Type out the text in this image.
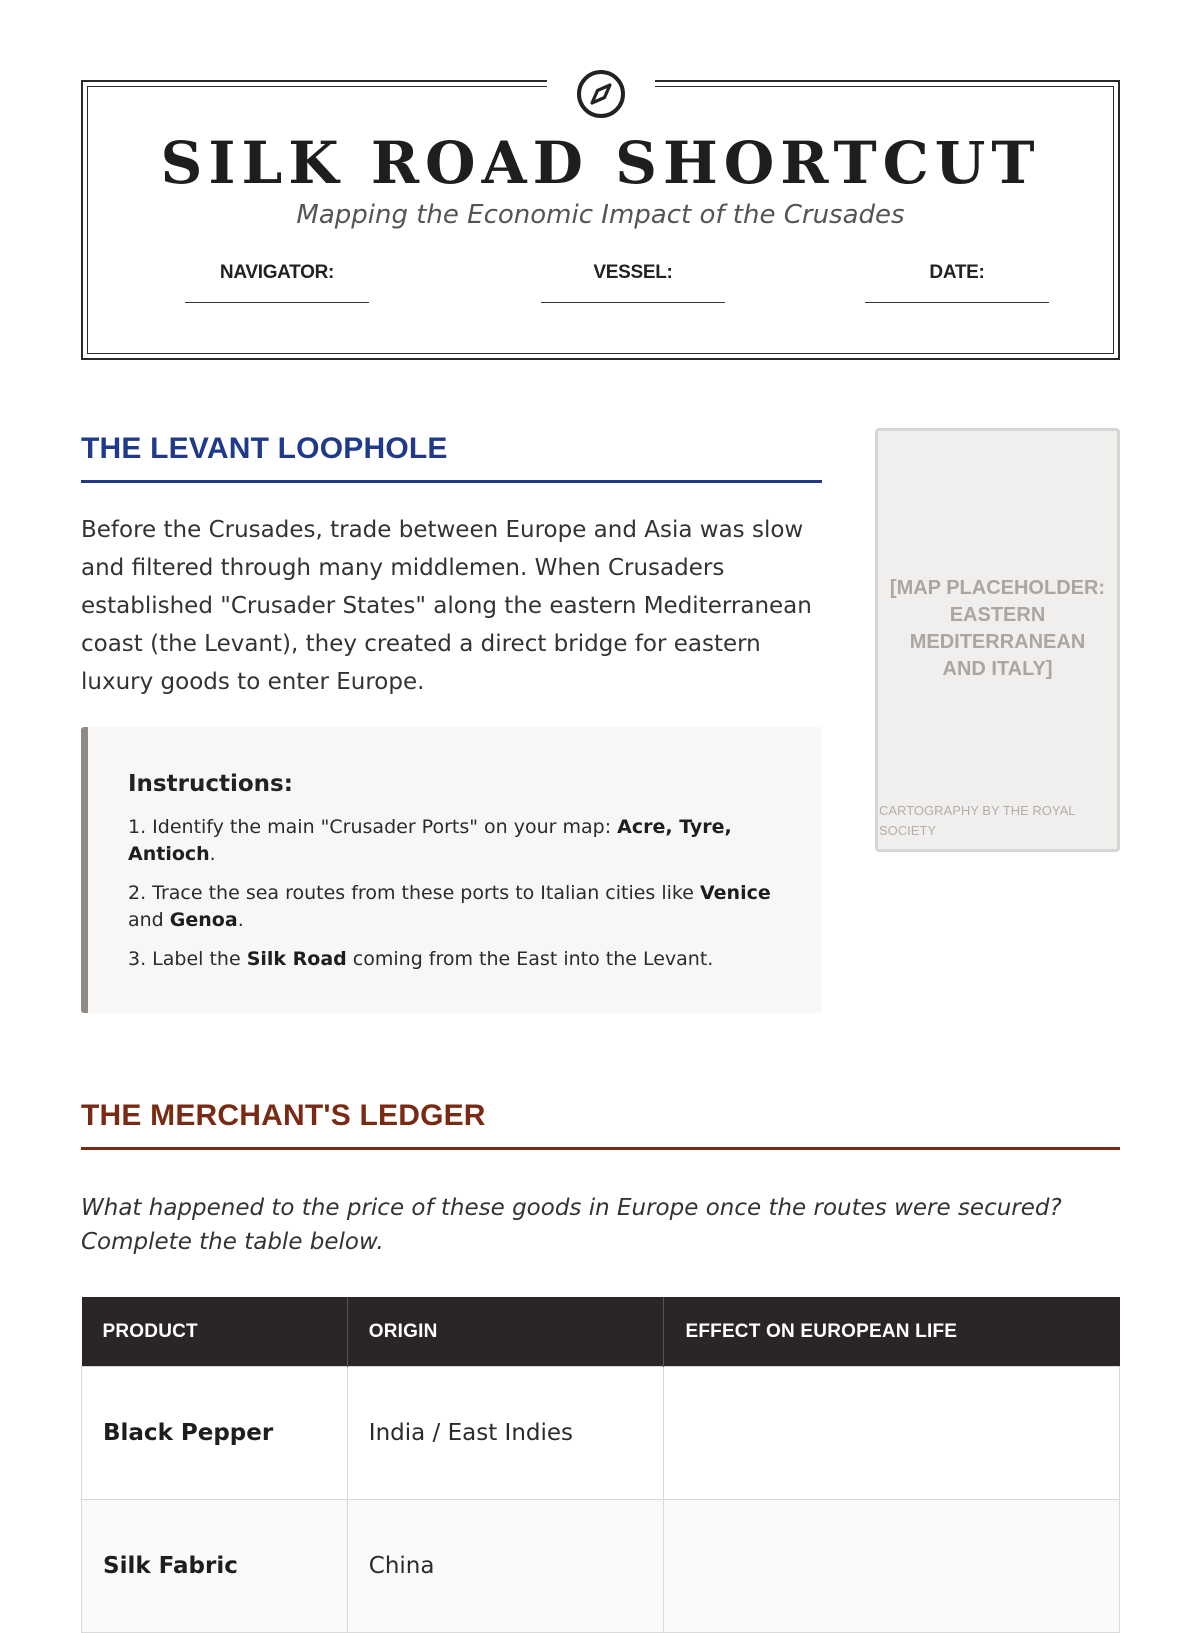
SILK ROAD SHORTCUT
Mapping the Economic Impact of the Crusades
NAVIGATOR:	VESSEL:	DATE:
THE LEVANT LOOPHOLE
Before the Crusades, trade between Europe and Asia was slow and filtered through many middlemen. When Crusaders established "Crusader States" along the eastern Mediterranean coast (the Levant), they created a direct bridge for eastern luxury goods to enter Europe.
Instructions:
1. Identify the main "Crusader Ports" on your map: Acre, Tyre, Antioch.
2. Trace the sea routes from these ports to Italian cities like Venice and Genoa.
3. Label the Silk Road coming from the East into the Levant.
[MAP PLACEHOLDER: EASTERN MEDITERRANEAN AND ITALY]
CARTOGRAPHY BY THE ROYAL SOCIETY
THE MERCHANT'S LEDGER
What happened to the price of these goods in Europe once the routes were secured? Complete the table below.
PRODUCT	ORIGIN	EFFECT ON EUROPEAN LIFE
Black Pepper	India / East Indies	
Silk Fabric	China	
